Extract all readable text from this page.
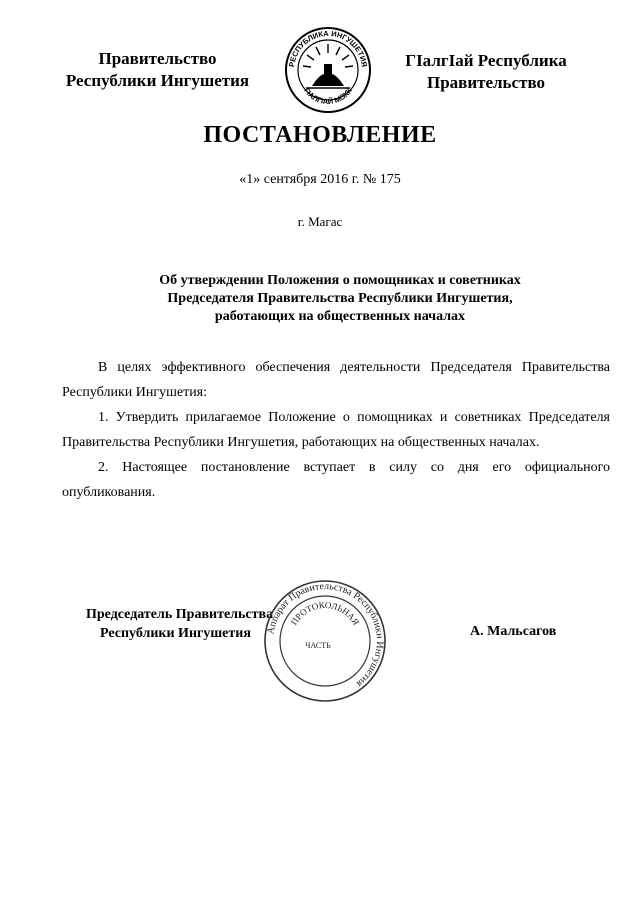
Правительство
Республики Ингушетия
РЕСПУБЛИКА ИНГУШЕТИЯ
ГIАЛГIАЙ МОХК
ГIалгIай Республика
Правительство
ПОСТАНОВЛЕНИЕ
«1» сентября 2016 г. № 175
г. Магас
Об утверждении Положения о помощниках и советниках
Председателя Правительства Республики Ингушетия,
работающих на общественных началах

В целях эффективного обеспечения деятельности Председателя Правительства Республики Ингушетия:

1. Утвердить прилагаемое Положение о помощниках и советниках Председателя Правительства Республики Ингушетия, работающих на общественных началах.

2. Настоящее постановление вступает в силу со дня его официального опубликования.

Председатель Правительства
Республики Ингушетия	Аппарат Правительства Республики Ингушетия
ПРОТОКОЛЬНАЯ
ЧАСТЬ
А. Мальсагов
